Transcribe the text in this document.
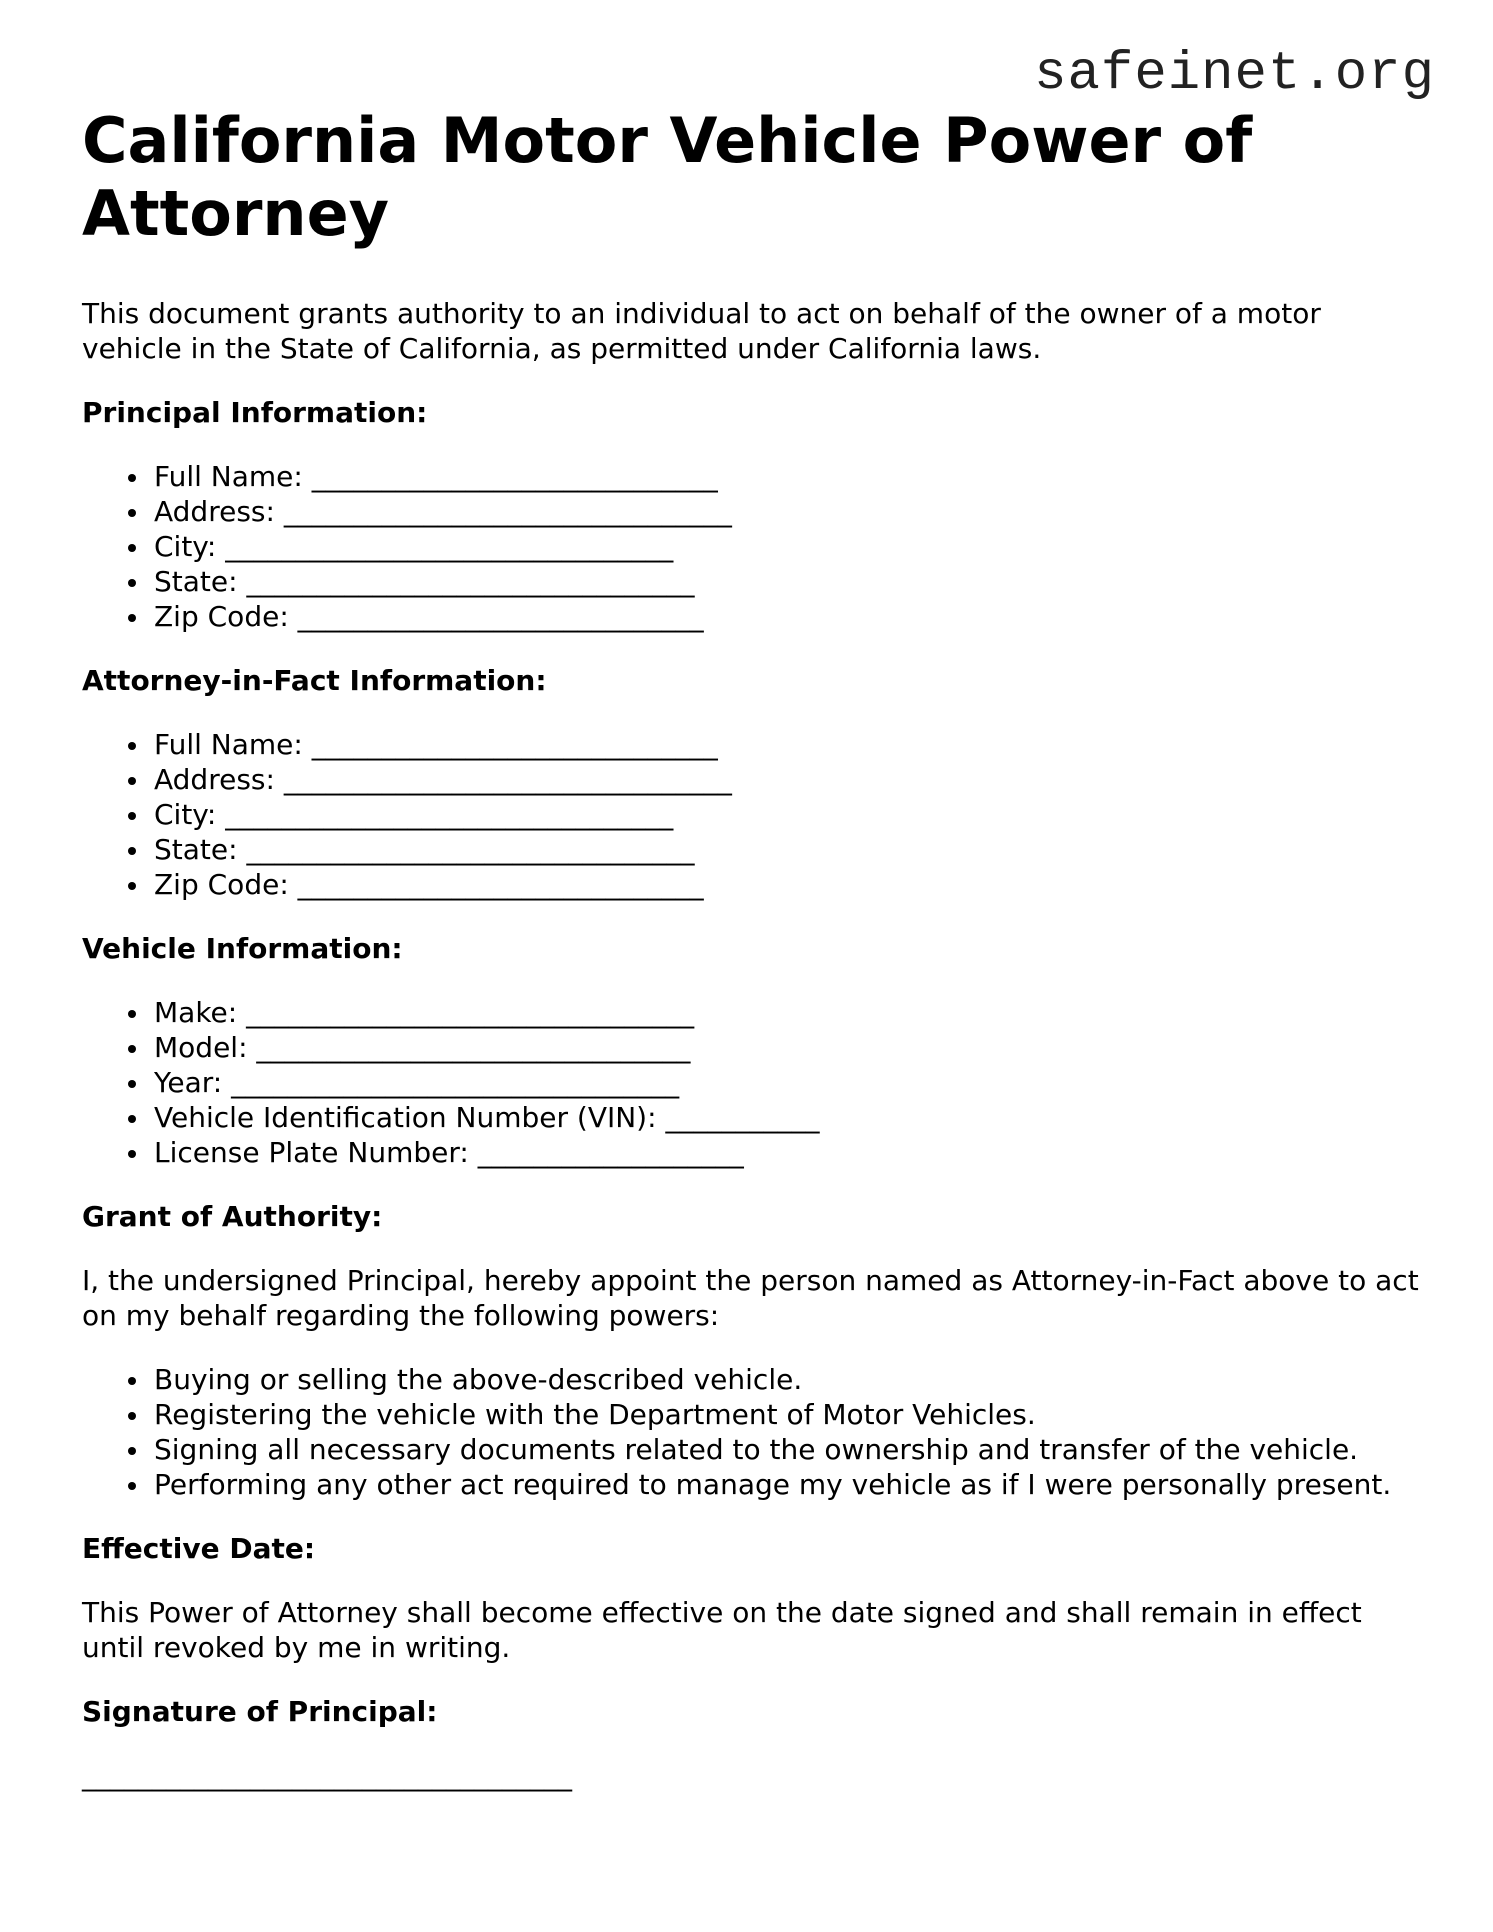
safeinet.org
California Motor Vehicle Power of Attorney

This document grants authority to an individual to act on behalf of the owner of a motor vehicle in the State of California, as permitted under California laws.

Principal Information:
Full Name: _____________________________
Address: ________________________________
City: ________________________________
State: ________________________________
Zip Code: _____________________________
Attorney-in-Fact Information:
Full Name: _____________________________
Address: ________________________________
City: ________________________________
State: ________________________________
Zip Code: _____________________________
Vehicle Information:
Make: ________________________________
Model: _______________________________
Year: ________________________________
Vehicle Identification Number (VIN): ___________
License Plate Number: ___________________
Grant of Authority:

I, the undersigned Principal, hereby appoint the person named as Attorney-in-Fact above to act on my behalf regarding the following powers:

Buying or selling the above-described vehicle.
Registering the vehicle with the Department of Motor Vehicles.
Signing all necessary documents related to the ownership and transfer of the vehicle.
Performing any other act required to manage my vehicle as if I were personally present.
Effective Date:

This Power of Attorney shall become effective on the date signed and shall remain in effect until revoked by me in writing.

Signature of Principal:
___________________________________
